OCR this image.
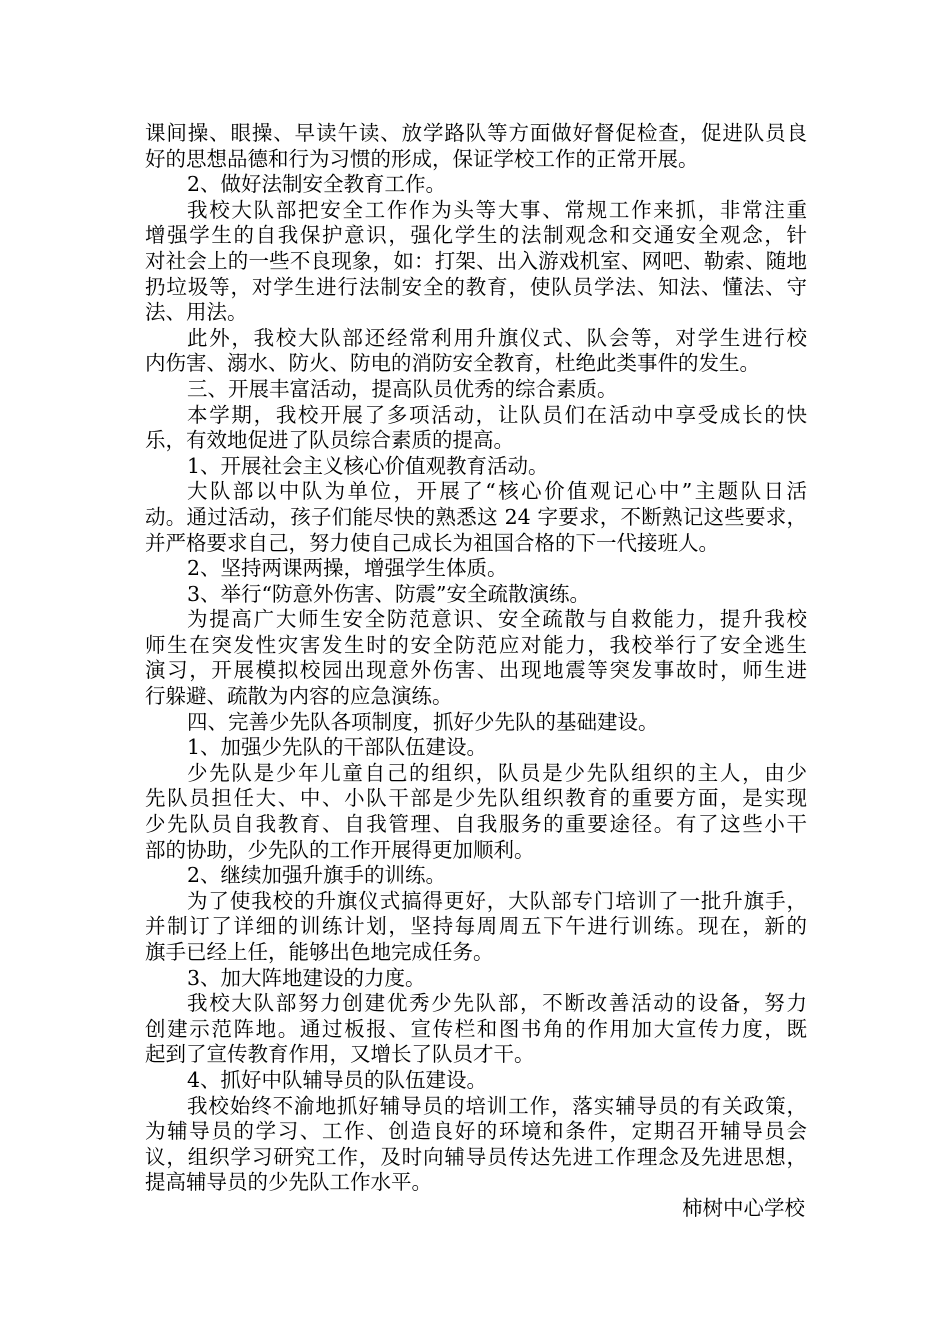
课间操、眼操、早读午读、放学路队等方面做好督促检查，促进队员良
好的思想品德和行为习惯的形成，保证学校工作的正常开展。
2、做好法制安全教育工作。
我校大队部把安全工作作为头等大事、常规工作来抓，非常注重
增强学生的自我保护意识，强化学生的法制观念和交通安全观念，针
对社会上的一些不良现象，如：打架、出入游戏机室、网吧、勒索、随地
扔垃圾等，对学生进行法制安全的教育，使队员学法、知法、懂法、守
法、用法。
此外，我校大队部还经常利用升旗仪式、队会等，对学生进行校
内伤害、溺水、防火、防电的消防安全教育，杜绝此类事件的发生。
三、开展丰富活动，提高队员优秀的综合素质。
本学期，我校开展了多项活动，让队员们在活动中享受成长的快
乐，有效地促进了队员综合素质的提高。
1、开展社会主义核心价值观教育活动。
大队部以中队为单位，开展了“核心价值观记心中”主题队日活
动。通过活动，孩子们能尽快的熟悉这 24 字要求，不断熟记这些要求，
并严格要求自己，努力使自己成长为祖国合格的下一代接班人。
2、坚持两课两操，增强学生体质。
3、举行“防意外伤害、防震”安全疏散演练。
为提高广大师生安全防范意识、安全疏散与自救能力，提升我校
师生在突发性灾害发生时的安全防范应对能力，我校举行了安全逃生
演习，开展模拟校园出现意外伤害、出现地震等突发事故时，师生进
行躲避、疏散为内容的应急演练。
四、完善少先队各项制度，抓好少先队的基础建设。
1、加强少先队的干部队伍建设。
少先队是少年儿童自己的组织，队员是少先队组织的主人，由少
先队员担任大、中、小队干部是少先队组织教育的重要方面，是实现
少先队员自我教育、自我管理、自我服务的重要途径。有了这些小干
部的协助，少先队的工作开展得更加顺利。
2、继续加强升旗手的训练。
为了使我校的升旗仪式搞得更好，大队部专门培训了一批升旗手，
并制订了详细的训练计划，坚持每周周五下午进行训练。现在，新的
旗手已经上任，能够出色地完成任务。
3、加大阵地建设的力度。
我校大队部努力创建优秀少先队部，不断改善活动的设备，努力
创建示范阵地。通过板报、宣传栏和图书角的作用加大宣传力度，既
起到了宣传教育作用，又增长了队员才干。
4、抓好中队辅导员的队伍建设。
我校始终不渝地抓好辅导员的培训工作，落实辅导员的有关政策，
为辅导员的学习、工作、创造良好的环境和条件，定期召开辅导员会
议，组织学习研究工作，及时向辅导员传达先进工作理念及先进思想，
提高辅导员的少先队工作水平。
柿树中心学校
